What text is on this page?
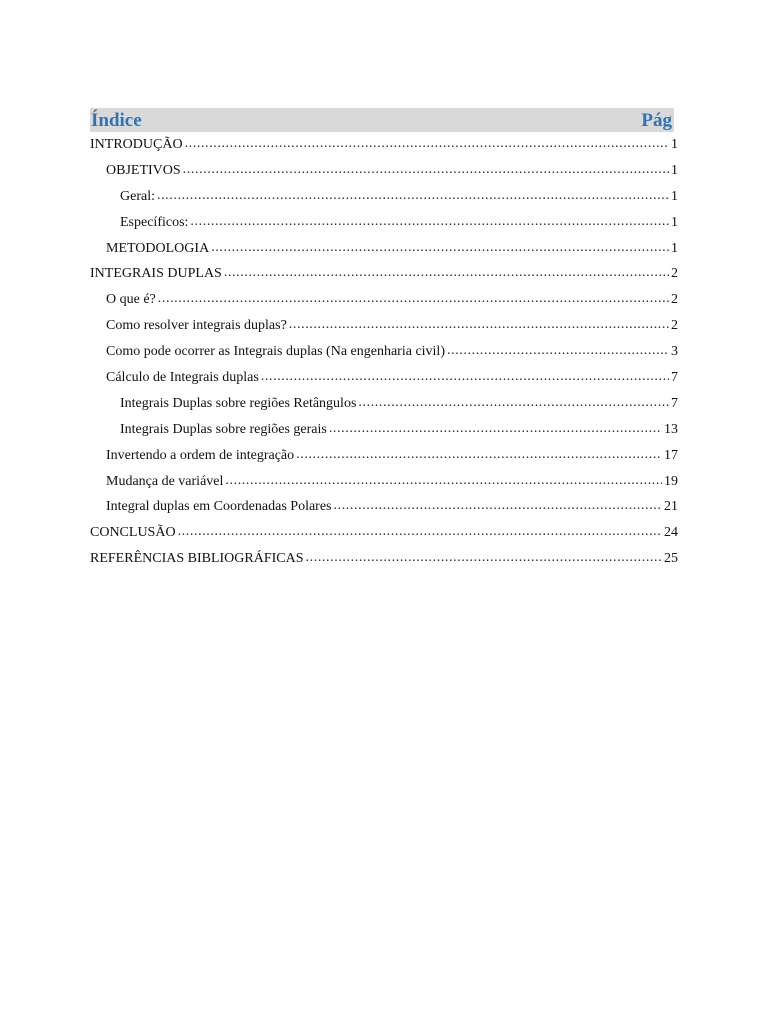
Índice	Pág
INTRODUÇÃO .....	1
OBJETIVOS .....	1
Geral: .....	1
Específicos: .....	1
METODOLOGIA .....	1
INTEGRAIS DUPLAS .....	2
O que é? .....	2
Como resolver integrais duplas? .....	2
Como pode ocorrer as Integrais duplas (Na engenharia civil) .....	3
Cálculo de Integrais duplas .....	7
Integrais Duplas sobre regiões Retângulos .....	7
Integrais Duplas sobre regiões gerais .....	13
Invertendo a ordem de integração .....	17
Mudança de variável .....	19
Integral duplas em Coordenadas Polares .....	21
CONCLUSÃO .....	24
REFERÊNCIAS BIBLIOGRÁFICAS .....	25
